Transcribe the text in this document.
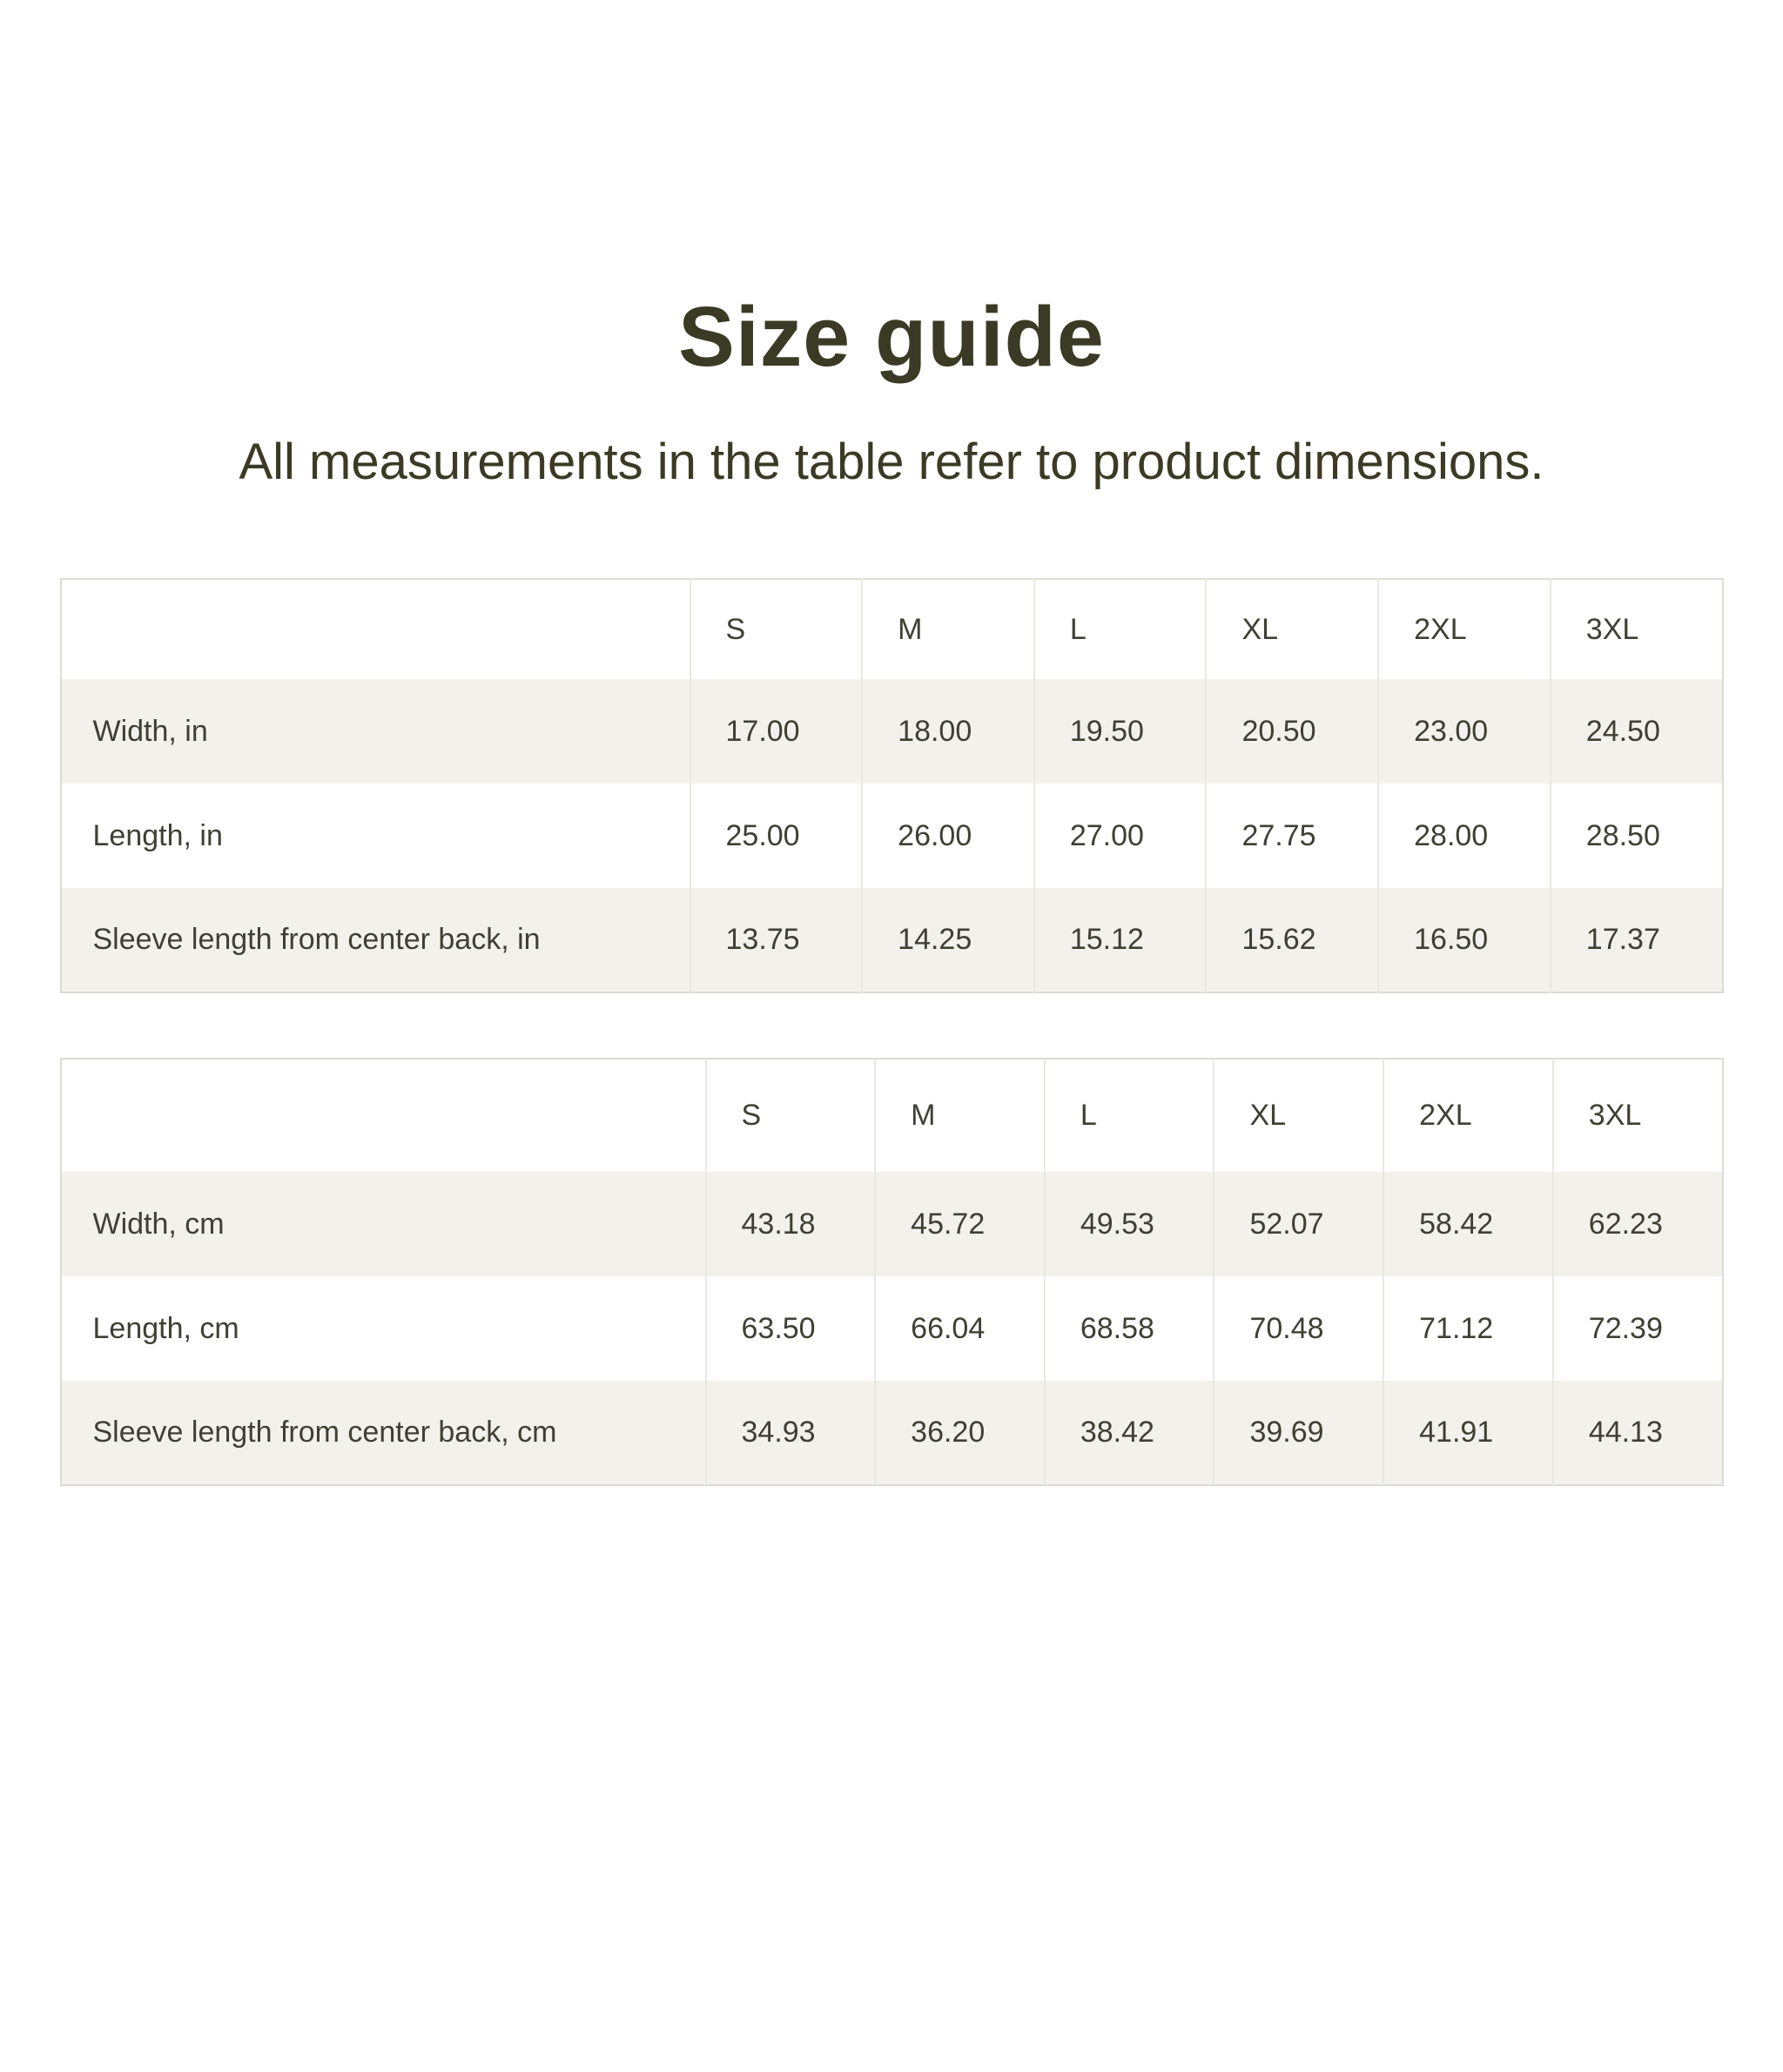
Size guide

All measurements in the table refer to product dimensions.

	S	M	L	XL	2XL	3XL
Width, in	17.00	18.00	19.50	20.50	23.00	24.50
Length, in	25.00	26.00	27.00	27.75	28.00	28.50
Sleeve length from center back, in	13.75	14.25	15.12	15.62	16.50	17.37
	S	M	L	XL	2XL	3XL
Width, cm	43.18	45.72	49.53	52.07	58.42	62.23
Length, cm	63.50	66.04	68.58	70.48	71.12	72.39
Sleeve length from center back, cm	34.93	36.20	38.42	39.69	41.91	44.13
